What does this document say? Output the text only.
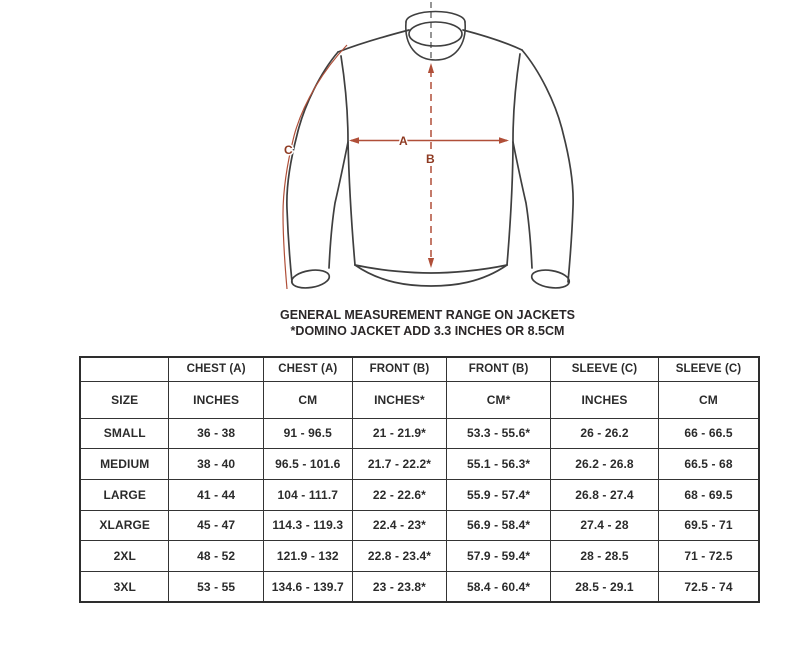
A
B
C
GENERAL MEASUREMENT RANGE ON JACKETS
*DOMINO JACKET ADD 3.3 INCHES OR 8.5CM
	CHEST (A)	CHEST (A)	FRONT (B)	FRONT (B)	SLEEVE (C)	SLEEVE (C)
SIZE	INCHES	CM	INCHES*	CM*	INCHES	CM
SMALL	36 - 38	91 - 96.5	21 - 21.9*	53.3 - 55.6*	26 - 26.2	66 - 66.5
MEDIUM	38 - 40	96.5 - 101.6	21.7 - 22.2*	55.1 - 56.3*	26.2 - 26.8	66.5 - 68
LARGE	41 - 44	104 - 111.7	22 - 22.6*	55.9 - 57.4*	26.8 - 27.4	68 - 69.5
XLARGE	45 - 47	114.3 - 119.3	22.4 - 23*	56.9 - 58.4*	27.4 - 28	69.5 - 71
2XL	48 - 52	121.9 - 132	22.8 - 23.4*	57.9 - 59.4*	28 - 28.5	71 - 72.5
3XL	53 - 55	134.6 - 139.7	23 - 23.8*	58.4 - 60.4*	28.5 - 29.1	72.5 - 74
